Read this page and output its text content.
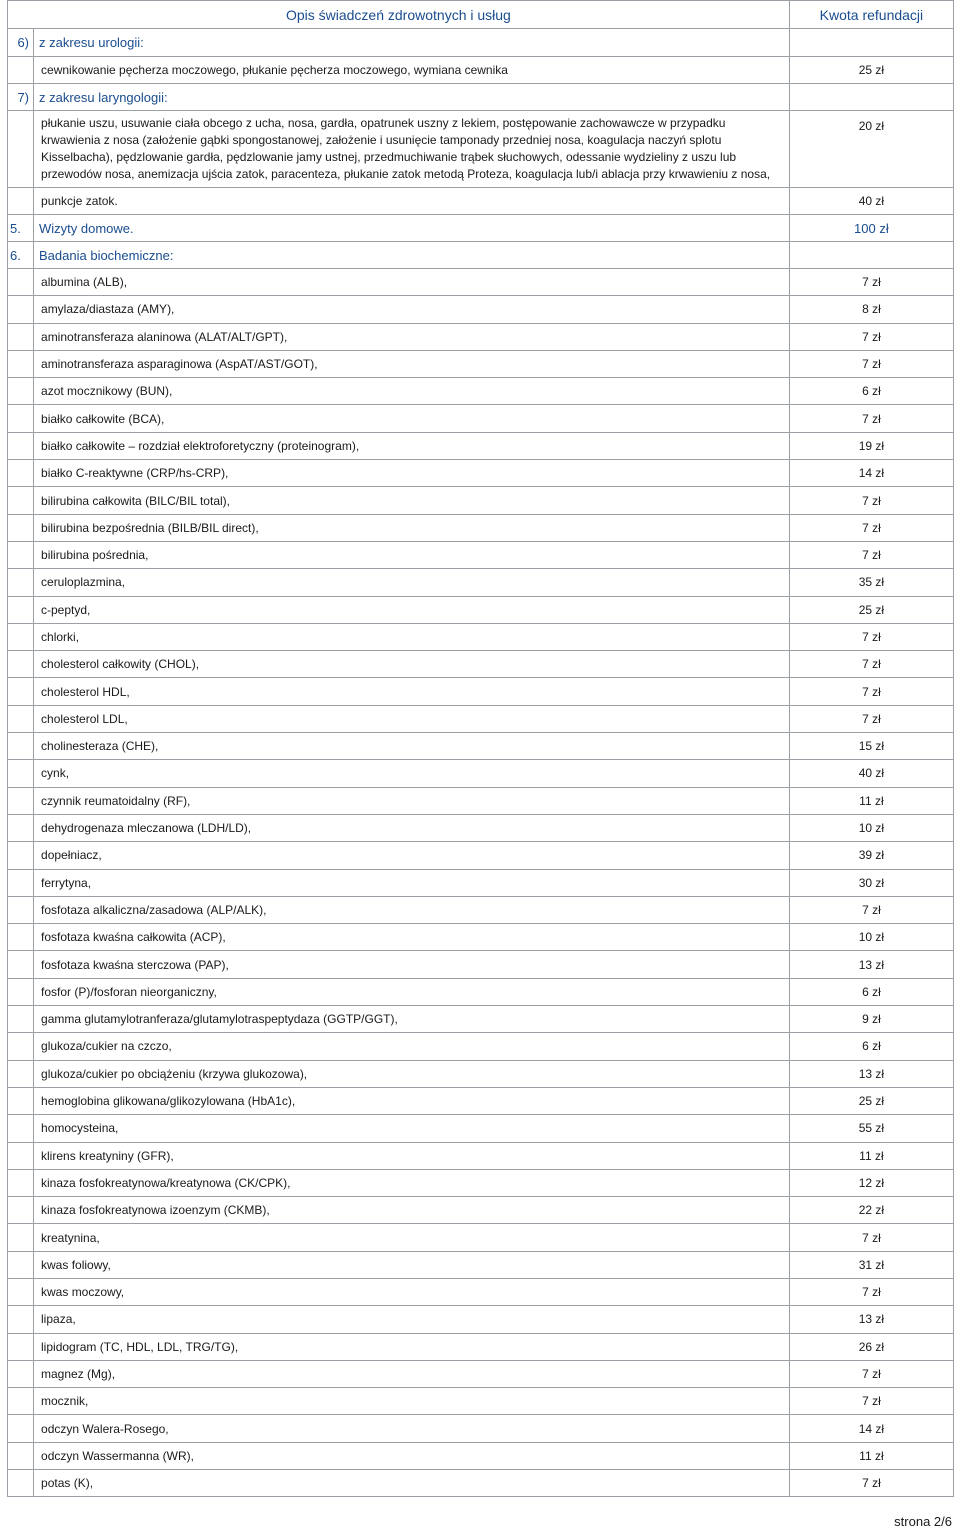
Opis świadczeń zdrowotnych i usług		Kwota refundacji
6)	z zakresu urologii:	
	cewnikowanie pęcherza moczowego, płukanie pęcherza moczowego, wymiana cewnika	25 zł
7)	z zakresu laryngologii:	

	płukanie uszu, usuwanie ciała obcego z ucha, nosa, gardła, opatrunek uszny z lekiem, postępowanie zachowawcze w przypadku
krwawienia z nosa (założenie gąbki spongostanowej, założenie i usunięcie tamponady przedniej nosa, koagulacja naczyń splotu
Kisselbacha), pędzlowanie gardła, pędzlowanie jamy ustnej, przedmuchiwanie trąbek słuchowych, odessanie wydzieliny z uszu lub
przewodów nosa, anemizacja ujścia zatok, paracenteza, płukanie zatok metodą Proteza, koagulacja lub/i ablacja przy krwawieniu z nosa,	20 zł
	punkcje zatok.	40 zł
5.	Wizyty domowe.	100 zł
6.	Badania biochemiczne:	
	albumina (ALB),	7 zł
	amylaza/diastaza (AMY),	8 zł
	aminotransferaza alaninowa (ALAT/ALT/GPT),	7 zł
	aminotransferaza asparaginowa (AspAT/AST/GOT),	7 zł
	azot mocznikowy (BUN),	6 zł
	białko całkowite (BCA),	7 zł
	białko całkowite – rozdział elektroforetyczny (proteinogram),	19 zł
	białko C-reaktywne (CRP/hs-CRP),	14 zł
	bilirubina całkowita (BILC/BIL total),	7 zł
	bilirubina bezpośrednia (BILB/BIL direct),	7 zł
	bilirubina pośrednia,	7 zł
	ceruloplazmina,	35 zł
	c-peptyd,	25 zł
	chlorki,	7 zł
	cholesterol całkowity (CHOL),	7 zł
	cholesterol HDL,	7 zł
	cholesterol LDL,	7 zł
	cholinesteraza (CHE),	15 zł
	cynk,	40 zł
	czynnik reumatoidalny (RF),	11 zł
	dehydrogenaza mleczanowa (LDH/LD),	10 zł
	dopełniacz,	39 zł
	ferrytyna,	30 zł
	fosfotaza alkaliczna/zasadowa (ALP/ALK),	7 zł
	fosfotaza kwaśna całkowita (ACP),	10 zł
	fosfotaza kwaśna sterczowa (PAP),	13 zł
	fosfor (P)/fosforan nieorganiczny,	6 zł
	gamma glutamylotranferaza/glutamylotraspeptydaza (GGTP/GGT),	9 zł
	glukoza/cukier na czczo,	6 zł
	glukoza/cukier po obciążeniu (krzywa glukozowa),	13 zł
	hemoglobina glikowana/glikozylowana (HbA1c),	25 zł
	homocysteina,	55 zł
	klirens kreatyniny (GFR),	11 zł
	kinaza fosfokreatynowa/kreatynowa (CK/CPK),	12 zł
	kinaza fosfokreatynowa izoenzym (CKMB),	22 zł
	kreatynina,	7 zł
	kwas foliowy,	31 zł
	kwas moczowy,	7 zł
	lipaza,	13 zł
	lipidogram (TC, HDL, LDL, TRG/TG),	26 zł
	magnez (Mg),	7 zł
	mocznik,	7 zł
	odczyn Walera-Rosego,	14 zł
	odczyn Wassermanna (WR),	11 zł
	potas (K),	7 zł
strona 2/6
